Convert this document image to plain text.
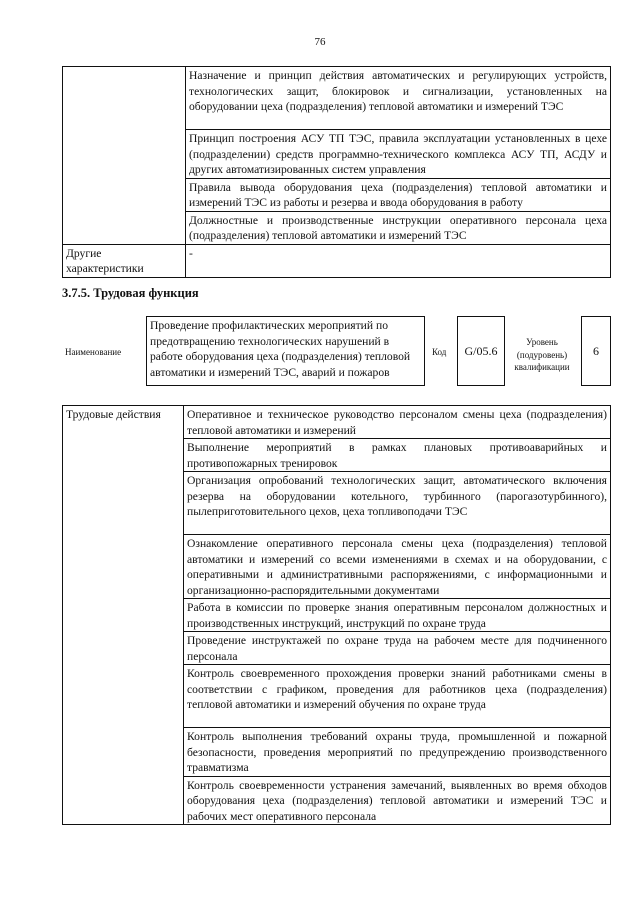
76
	Назначение и принцип действия автоматических и регулирующих устройств, технологических защит, блокировок и сигнализации, установленных на оборудовании цеха (подразделения) тепловой автоматики и измерений ТЭС
	Принцип построения АСУ ТП ТЭС, правила эксплуатации установленных в цехе (подразделении) средств программно-технического комплекса АСУ ТП, АСДУ и других автоматизированных систем управления
	Правила вывода оборудования цеха (подразделения) тепловой автоматики и измерений ТЭС из работы и резерва и ввода оборудования в работу
	Должностные и производственные инструкции оперативного персонала цеха (подразделения) тепловой автоматики и измерений ТЭС
Другие характеристики	-
3.7.5. Трудовая функция
Наименование
Проведение профилактических мероприятий по предотвращению технологических нарушений в работе оборудования цеха (подразделения) тепловой автоматики и измерений ТЭС, аварий и пожаров
Код	G/05.6
Уровень (подуровень) квалификации
6
Трудовые действия	Оперативное и техническое руководство персоналом смены цеха (подразделения) тепловой автоматики и измерений
Выполнение мероприятий в рамках плановых противоаварийных и противопожарных тренировок
Организация опробований технологических защит, автоматического включения резерва на оборудовании котельного, турбинного (парогазотурбинного), пылеприготовительного цехов, цеха топливоподачи ТЭС
Ознакомление оперативного персонала смены цеха (подразделения) тепловой автоматики и измерений со всеми изменениями в схемах и на оборудовании, с оперативными и административными распоряжениями, с информационными и организационно-распорядительными документами
Работа в комиссии по проверке знания оперативным персоналом должностных и производственных инструкций, инструкций по охране труда
Проведение инструктажей по охране труда на рабочем месте для подчиненного персонала
Контроль своевременного прохождения проверки знаний работниками смены в соответствии с графиком, проведения для работников цеха (подразделения) тепловой автоматики и измерений обучения по охране труда
Контроль выполнения требований охраны труда, промышленной и пожарной безопасности, проведения мероприятий по предупреждению производственного травматизма
Контроль своевременности устранения замечаний, выявленных во время обходов оборудования цеха (подразделения) тепловой автоматики и измерений ТЭС и рабочих мест оперативного персонала
